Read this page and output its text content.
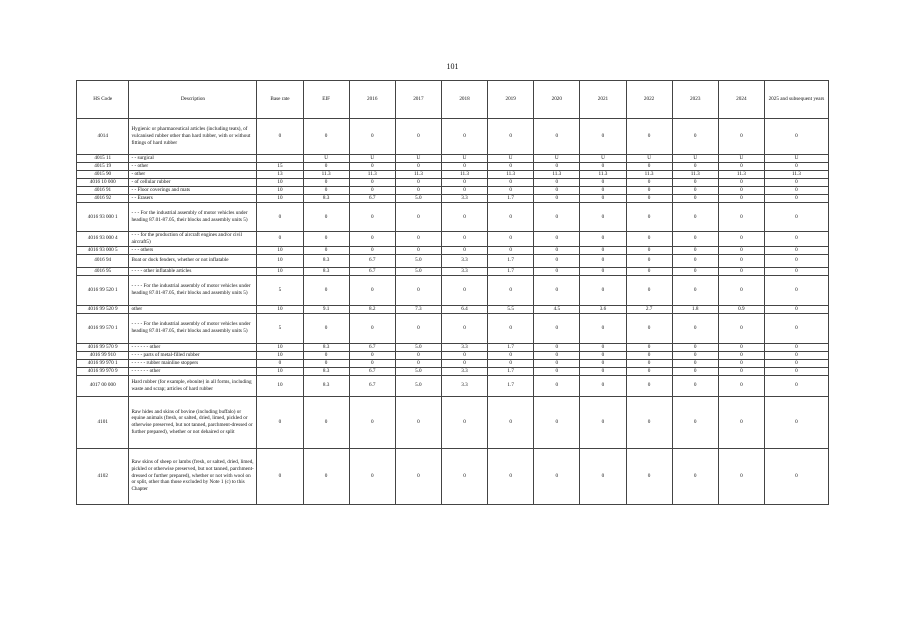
101
HS Code	Description	Base rate	EIF	2016	2017	2018	2019	2020	2021	2022	2023	2024	2025 and subsequent years
4014	Hygienic or pharmaceutical articles (including teats), of vulcanised rubber other than hard rubber, with or without fittings of hard rubber	0	0	0	0	0	0	0	0	0	0	0	0
4015 11	- - surgical		U	U	U	U	U	U	U	U	U	U	U
4015 19	- - other	15	0	0	0	0	0	0	0	0	0	0	0
4015 90	- other	13	11.3	11.3	11.3	11.3	11.3	11.3	11.3	11.3	11.3	11.3	11.3
4016 10 000	- of cellular rubber	10	0	0	0	0	0	0	0	0	0	0	0
4016 91	- - Floor coverings and mats	10	0	0	0	0	0	0	0	0	0	0	0
4016 92	- - Erasers	10	8.3	6.7	5.0	3.3	1.7	0	0	0	0	0	0
4016 93 000 1	- - - For the industrial assembly of motor vehicles under heading 87.01-87.05, their blocks and assembly units 5)	0	0	0	0	0	0	0	0	0	0	0	0
4016 93 000 4	- - - for the production of aircraft engines and/or civil aircraft5)	0	0	0	0	0	0	0	0	0	0	0	0
4016 93 000 5	- - - others	10	0	0	0	0	0	0	0	0	0	0	0
4016 94	Boat or dock fenders, whether or not inflatable	10	8.3	6.7	5.0	3.3	1.7	0	0	0	0	0	0
4016 95	- - - - other inflatable articles	10	8.3	6.7	5.0	3.3	1.7	0	0	0	0	0	0
4016 99 520 1	- - - - For the industrial assembly of motor vehicles under heading 87.01-87.05, their blocks and assembly units 5)	5	0	0	0	0	0	0	0	0	0	0	0
4016 99 520 9	other	10	9.1	8.2	7.3	6.4	5.5	4.5	3.6	2.7	1.8	0.9	0
4016 99 570 1	- - - - For the industrial assembly of motor vehicles under heading 87.01-87.05, their blocks and assembly units 5)	5	0	0	0	0	0	0	0	0	0	0	0
4016 99 570 9	- - - - - - other	10	8.3	6.7	5.0	3.3	1.7	0	0	0	0	0	0
4016 99 910	- - - - parts of metal-filled rubber	10	0	0	0	0	0	0	0	0	0	0	0
4016 99 970 1	- - - - - rubber mainline stoppers	0	0	0	0	0	0	0	0	0	0	0	0
4016 99 970 9	- - - - - - other	10	8.3	6.7	5.0	3.3	1.7	0	0	0	0	0	0
4017 00 000	Hard rubber (for example, ebonite) in all forms, including waste and scrap; articles of hard rubber	10	8.3	6.7	5.0	3.3	1.7	0	0	0	0	0	0
4101	Raw hides and skins of bovine (including buffalo) or equine animals (fresh, or salted, dried, limed, pickled or otherwise preserved, but not tanned, parchment-dressed or further prepared), whether or not dehaired or split	0	0	0	0	0	0	0	0	0	0	0	0
4102	Raw skins of sheep or lambs (fresh, or salted, dried, limed, pickled or otherwise preserved, but not tanned, parchment-dressed or further prepared), whether or not with wool on or split, other than those excluded by Note 1 (c) to this Chapter	0	0	0	0	0	0	0	0	0	0	0	0
